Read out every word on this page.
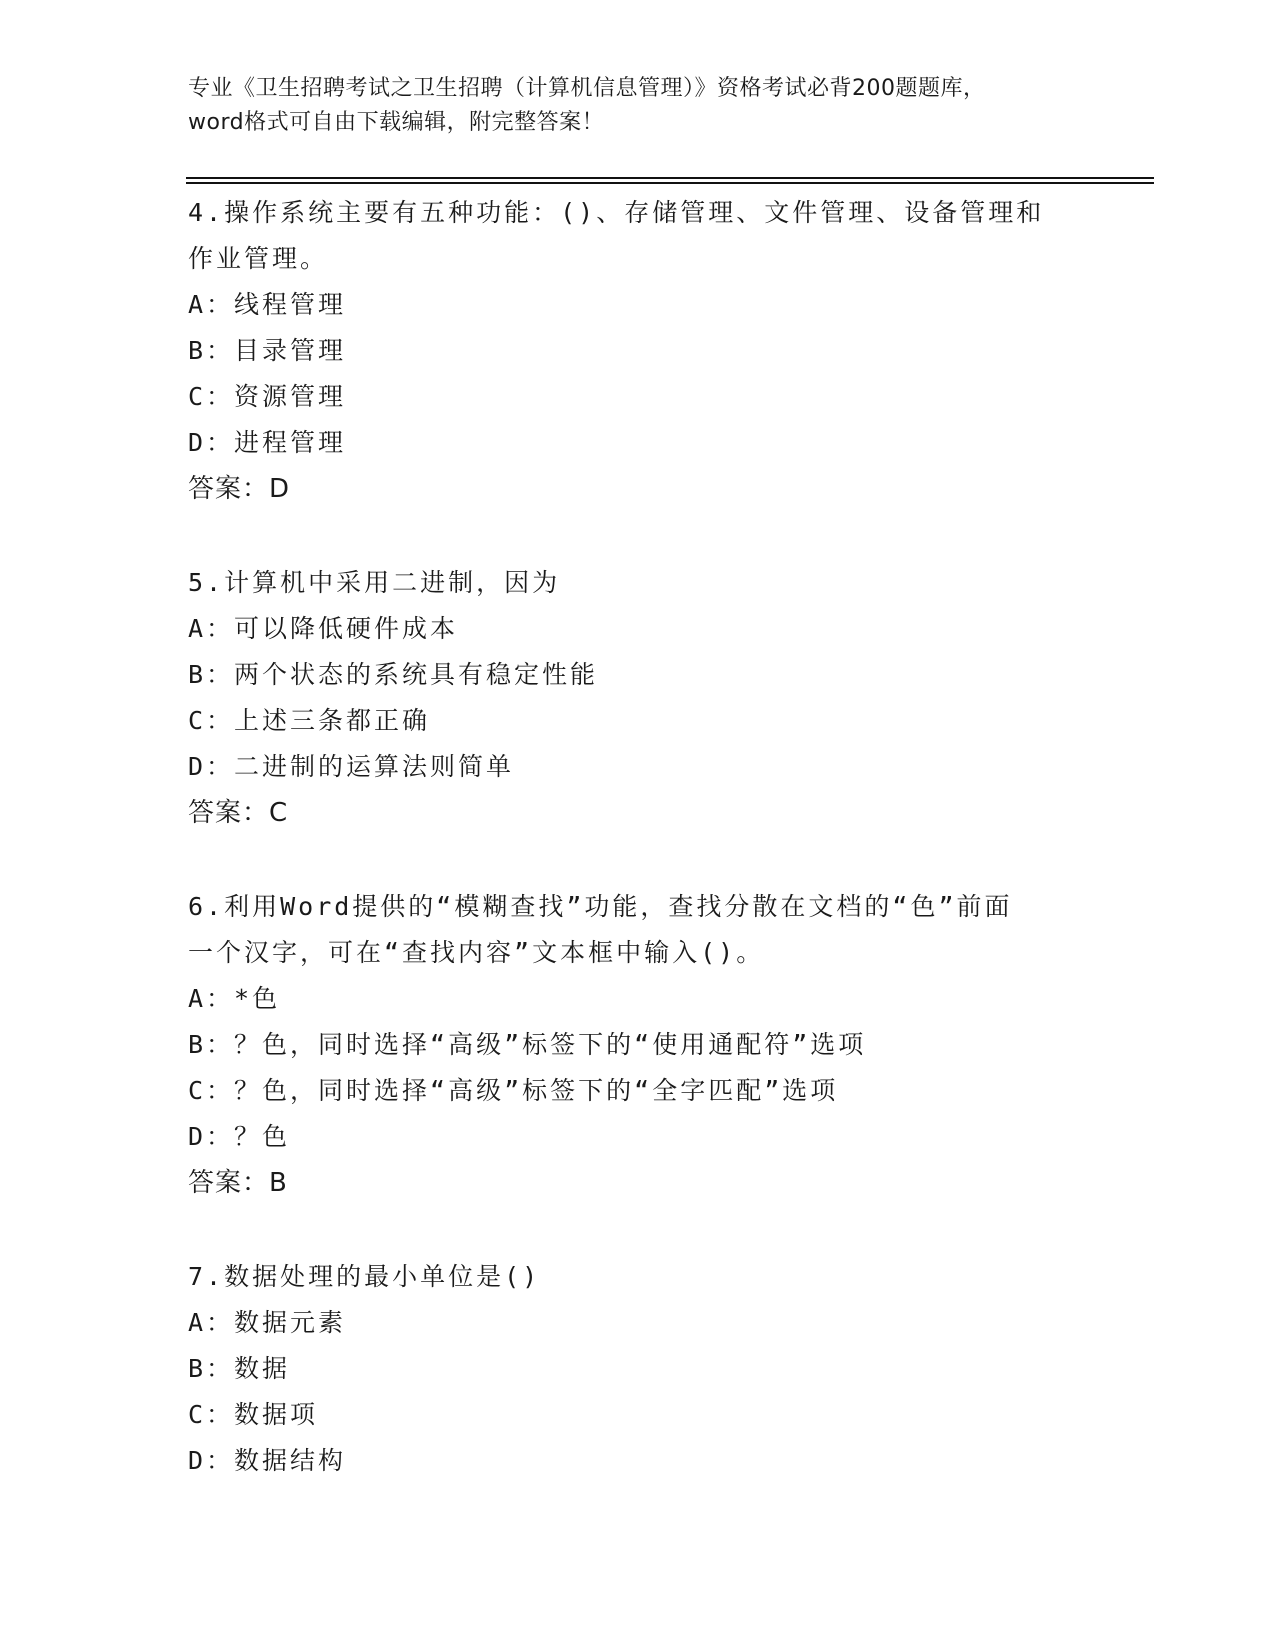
专业《卫生招聘考试之卫生招聘（计算机信息管理）》资格考试必背200题题库，
word格式可自由下载编辑，附完整答案！

4.操作系统主要有五种功能：()、存储管理、文件管理、设备管理和

作业管理。

A：线程管理

B：目录管理

C：资源管理

D：进程管理

答案：D

5.计算机中采用二进制，因为

A：可以降低硬件成本

B：两个状态的系统具有稳定性能

C：上述三条都正确

D：二进制的运算法则简单

答案：C

6.利用Word提供的“模糊查找”功能，查找分散在文档的“色”前面

一个汉字，可在“查找内容”文本框中输入()。

A：*色

B：？色，同时选择“高级”标签下的“使用通配符”选项

C：？色，同时选择“高级”标签下的“全字匹配”选项

D：？色

答案：B

7.数据处理的最小单位是()

A：数据元素

B：数据

C：数据项

D：数据结构
